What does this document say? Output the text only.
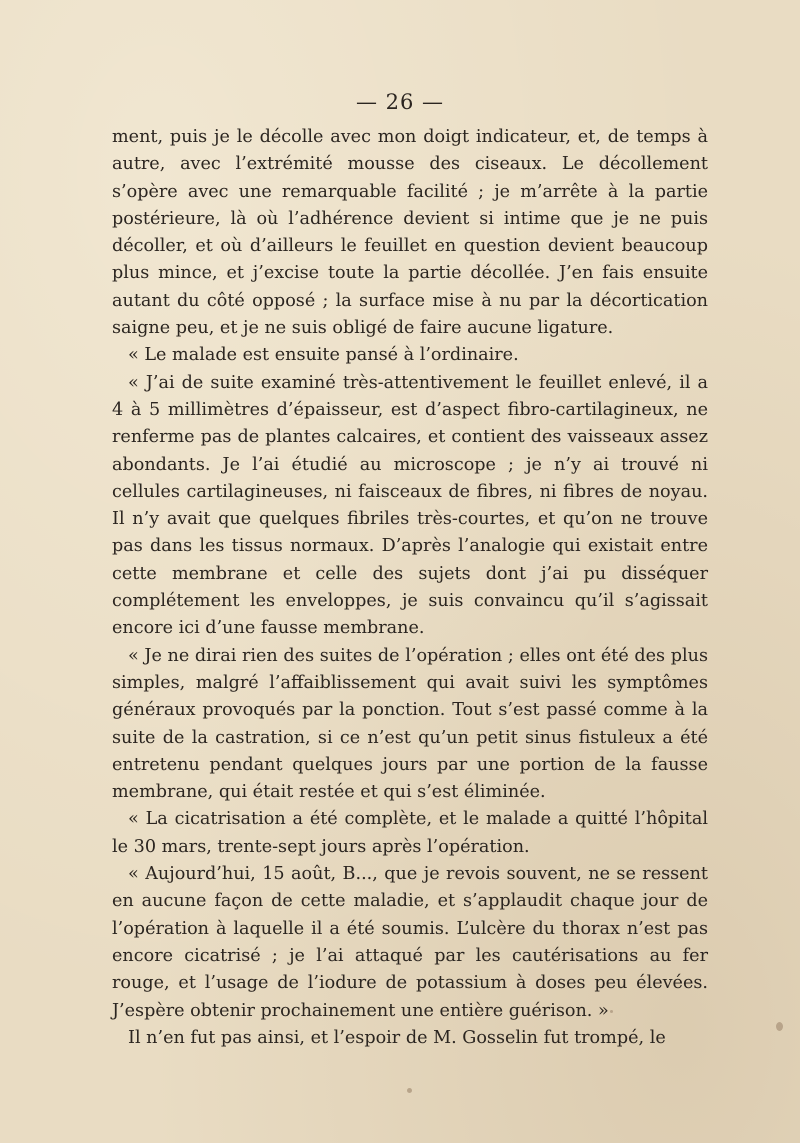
— 26 —

ment, puis je le décolle avec mon doigt indicateur, et, de temps à autre, avec l’extrémité mousse des ciseaux. Le décollement s’opère avec une remarquable facilité ; je m’arrête à la partie postérieure, là où l’adhérence devient si intime que je ne puis décoller, et où d’ailleurs le feuillet en question devient beaucoup plus mince, et j’excise toute la partie décollée. J’en fais ensuite autant du côté opposé ; la surface mise à nu par la décortication saigne peu, et je ne suis obligé de faire aucune ligature.

« Le malade est ensuite pansé à l’ordinaire.

« J’ai de suite examiné très-attentivement le feuillet enlevé, il a 4 à 5 millimètres d’épaisseur, est d’aspect fibro-cartilagineux, ne renferme pas de plantes calcaires, et contient des vaisseaux assez abondants. Je l’ai étudié au microscope ; je n’y ai trouvé ni cellules cartilagineuses, ni faisceaux de fibres, ni fibres de noyau. Il n’y avait que quelques fibriles très-courtes, et qu’on ne trouve pas dans les tissus normaux. D’après l’analogie qui existait entre cette membrane et celle des sujets dont j’ai pu disséquer complétement les enveloppes, je suis convaincu qu’il s’agissait encore ici d’une fausse membrane.

« Je ne dirai rien des suites de l’opération ; elles ont été des plus simples, malgré l’affaiblissement qui avait suivi les symptômes généraux provoqués par la ponction. Tout s’est passé comme à la suite de la castration, si ce n’est qu’un petit sinus fistuleux a été entretenu pendant quelques jours par une portion de la fausse membrane, qui était restée et qui s’est éliminée.

« La cicatrisation a été complète, et le malade a quitté l’hôpital le 30 mars, trente-sept jours après l’opération.

« Aujourd’hui, 15 août, B..., que je revois souvent, ne se ressent en aucune façon de cette maladie, et s’applaudit chaque jour de l’opération à laquelle il a été soumis. L’ulcère du thorax n’est pas encore cicatrisé ; je l’ai attaqué par les cautérisations au fer rouge, et l’usage de l’iodure de potassium à doses peu élevées. J’espère obtenir prochainement une entière guérison. »

Il n’en fut pas ainsi, et l’espoir de M. Gosselin fut trompé, le
